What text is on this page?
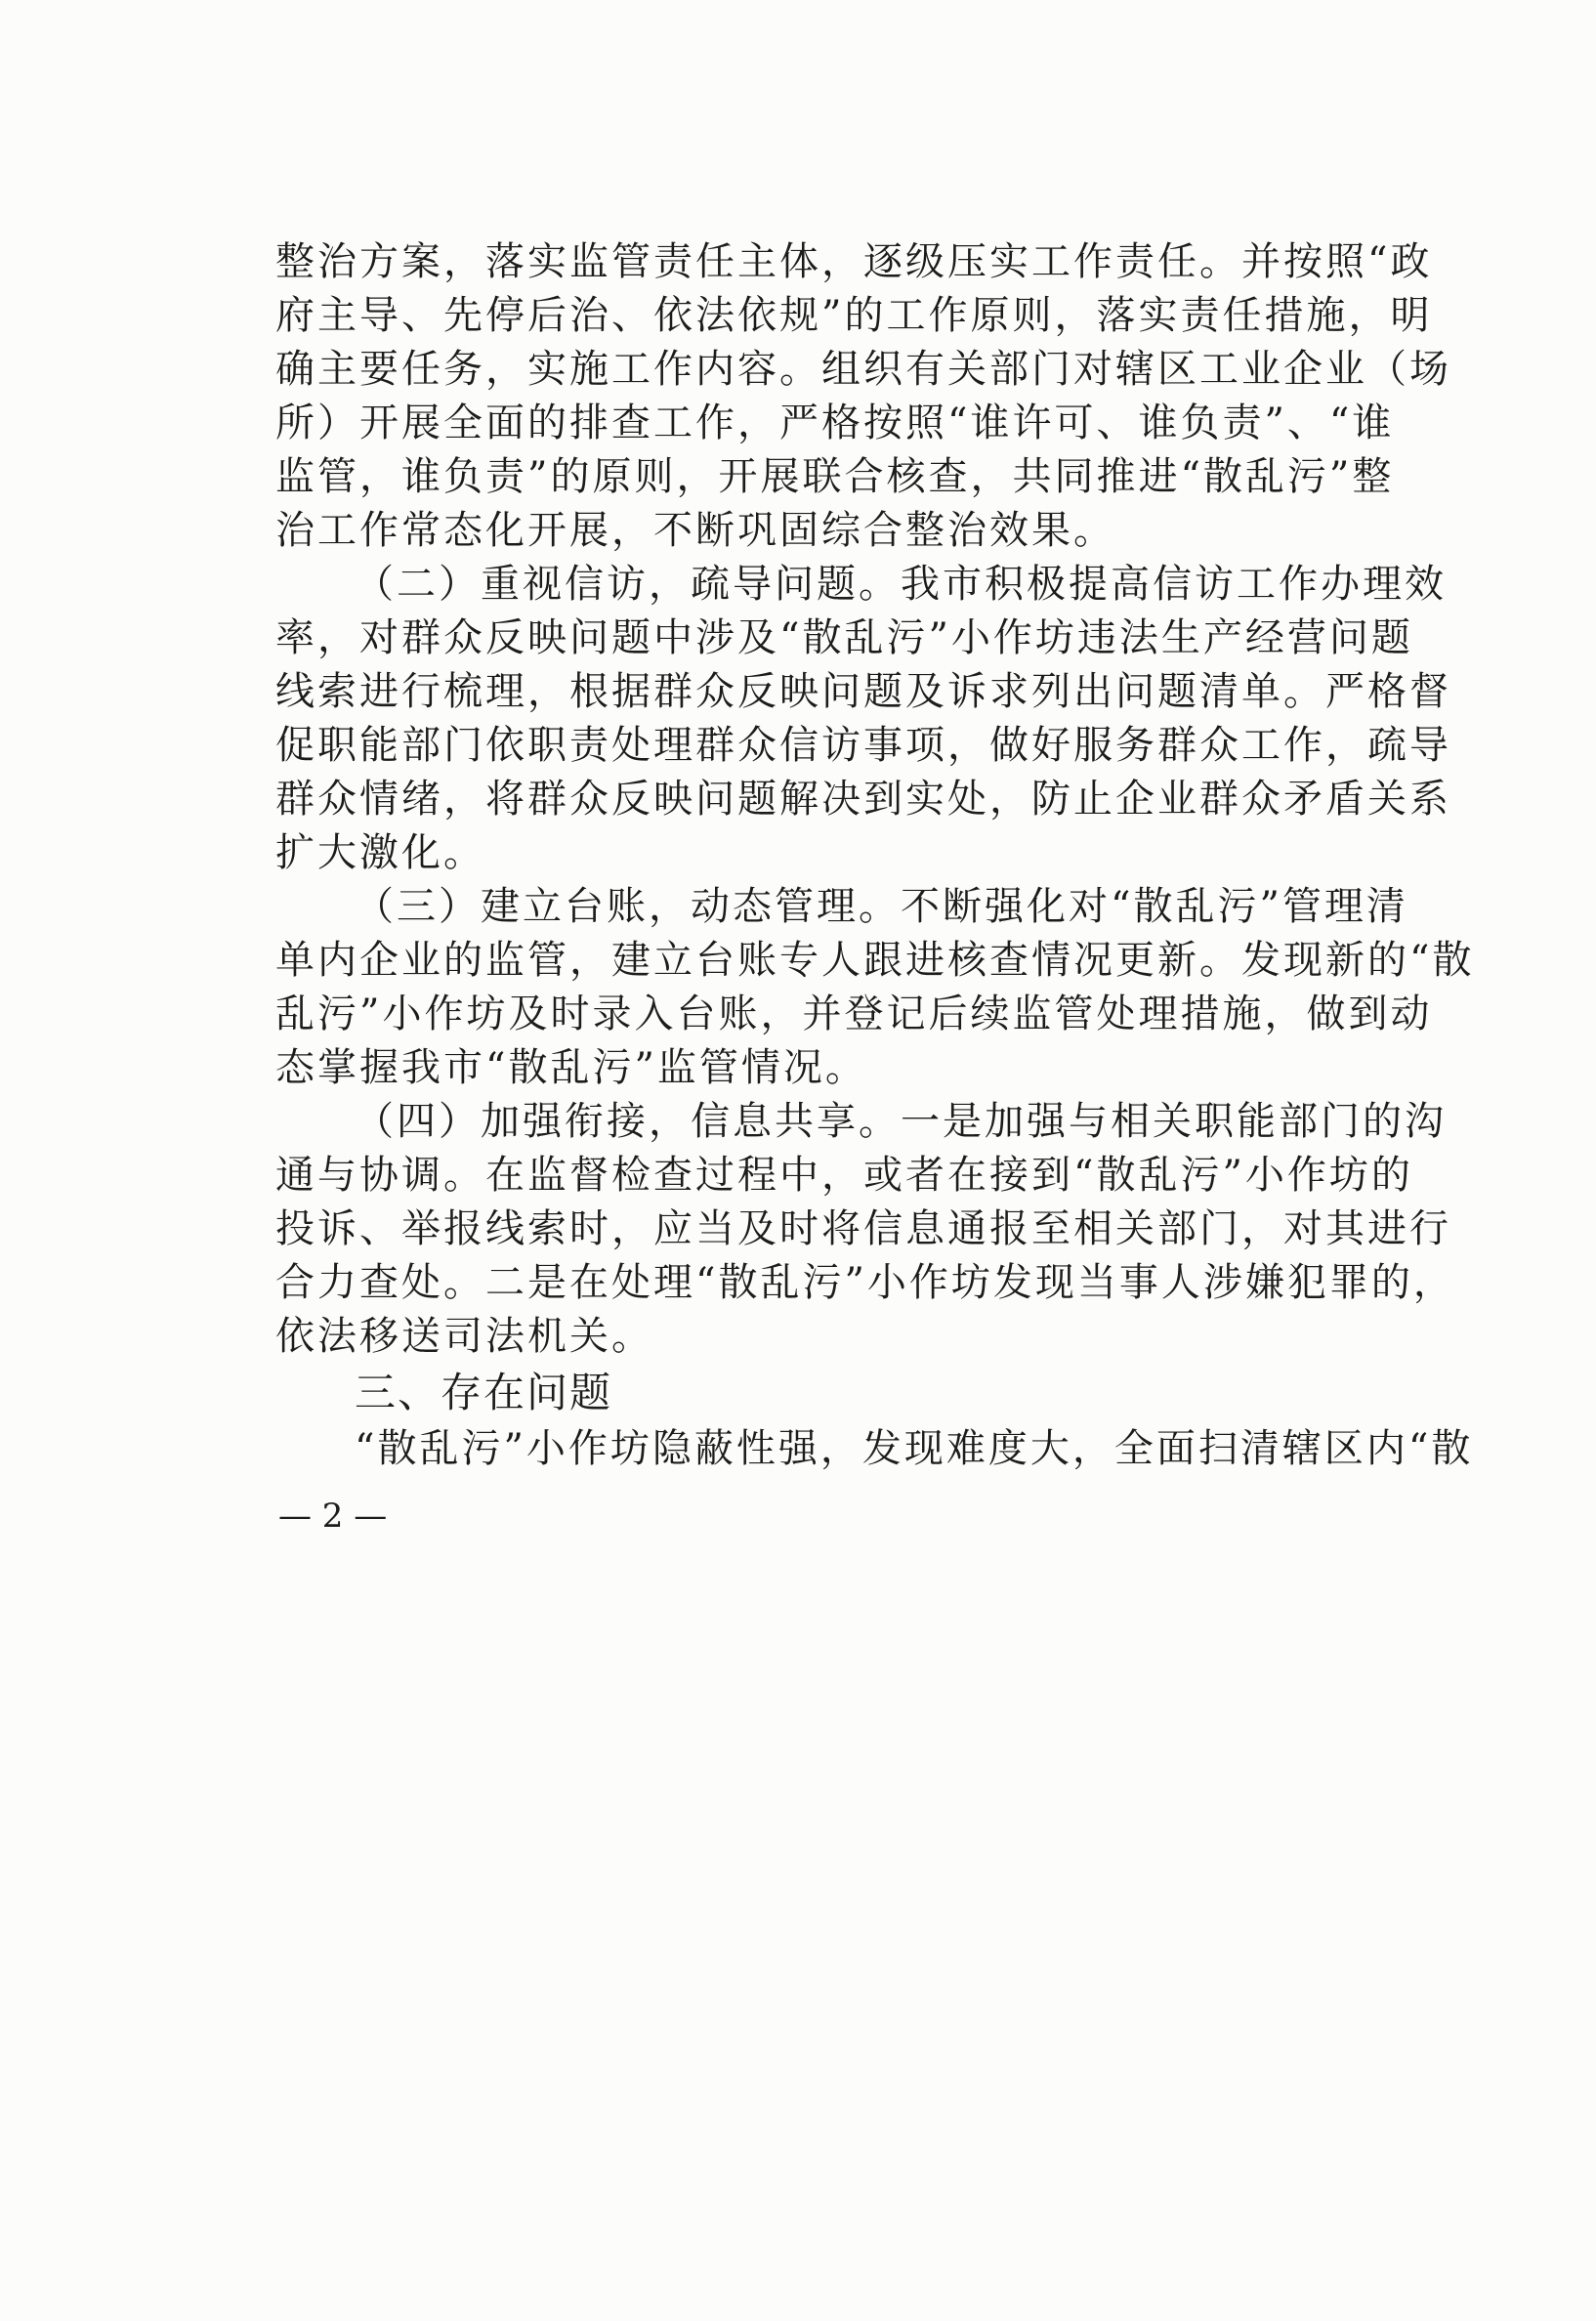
整治方案，落实监管责任主体，逐级压实工作责任。并按照“政
府主导、先停后治、依法依规”的工作原则，落实责任措施，明
确主要任务，实施工作内容。组织有关部门对辖区工业企业（场
所）开展全面的排查工作，严格按照“谁许可、谁负责”、“谁
监管，谁负责”的原则，开展联合核查，共同推进“散乱污”整
治工作常态化开展，不断巩固综合整治效果。
（二）重视信访，疏导问题。我市积极提高信访工作办理效
率，对群众反映问题中涉及“散乱污”小作坊违法生产经营问题
线索进行梳理，根据群众反映问题及诉求列出问题清单。严格督
促职能部门依职责处理群众信访事项，做好服务群众工作，疏导
群众情绪，将群众反映问题解决到实处，防止企业群众矛盾关系
扩大激化。
（三）建立台账，动态管理。不断强化对“散乱污”管理清
单内企业的监管，建立台账专人跟进核查情况更新。发现新的“散
乱污”小作坊及时录入台账，并登记后续监管处理措施，做到动
态掌握我市“散乱污”监管情况。
（四）加强衔接，信息共享。一是加强与相关职能部门的沟
通与协调。在监督检查过程中，或者在接到“散乱污”小作坊的
投诉、举报线索时，应当及时将信息通报至相关部门，对其进行
合力查处。二是在处理“散乱污”小作坊发现当事人涉嫌犯罪的，
依法移送司法机关。
三、存在问题
“散乱污”小作坊隐蔽性强，发现难度大，全面扫清辖区内“散
— 2 —
